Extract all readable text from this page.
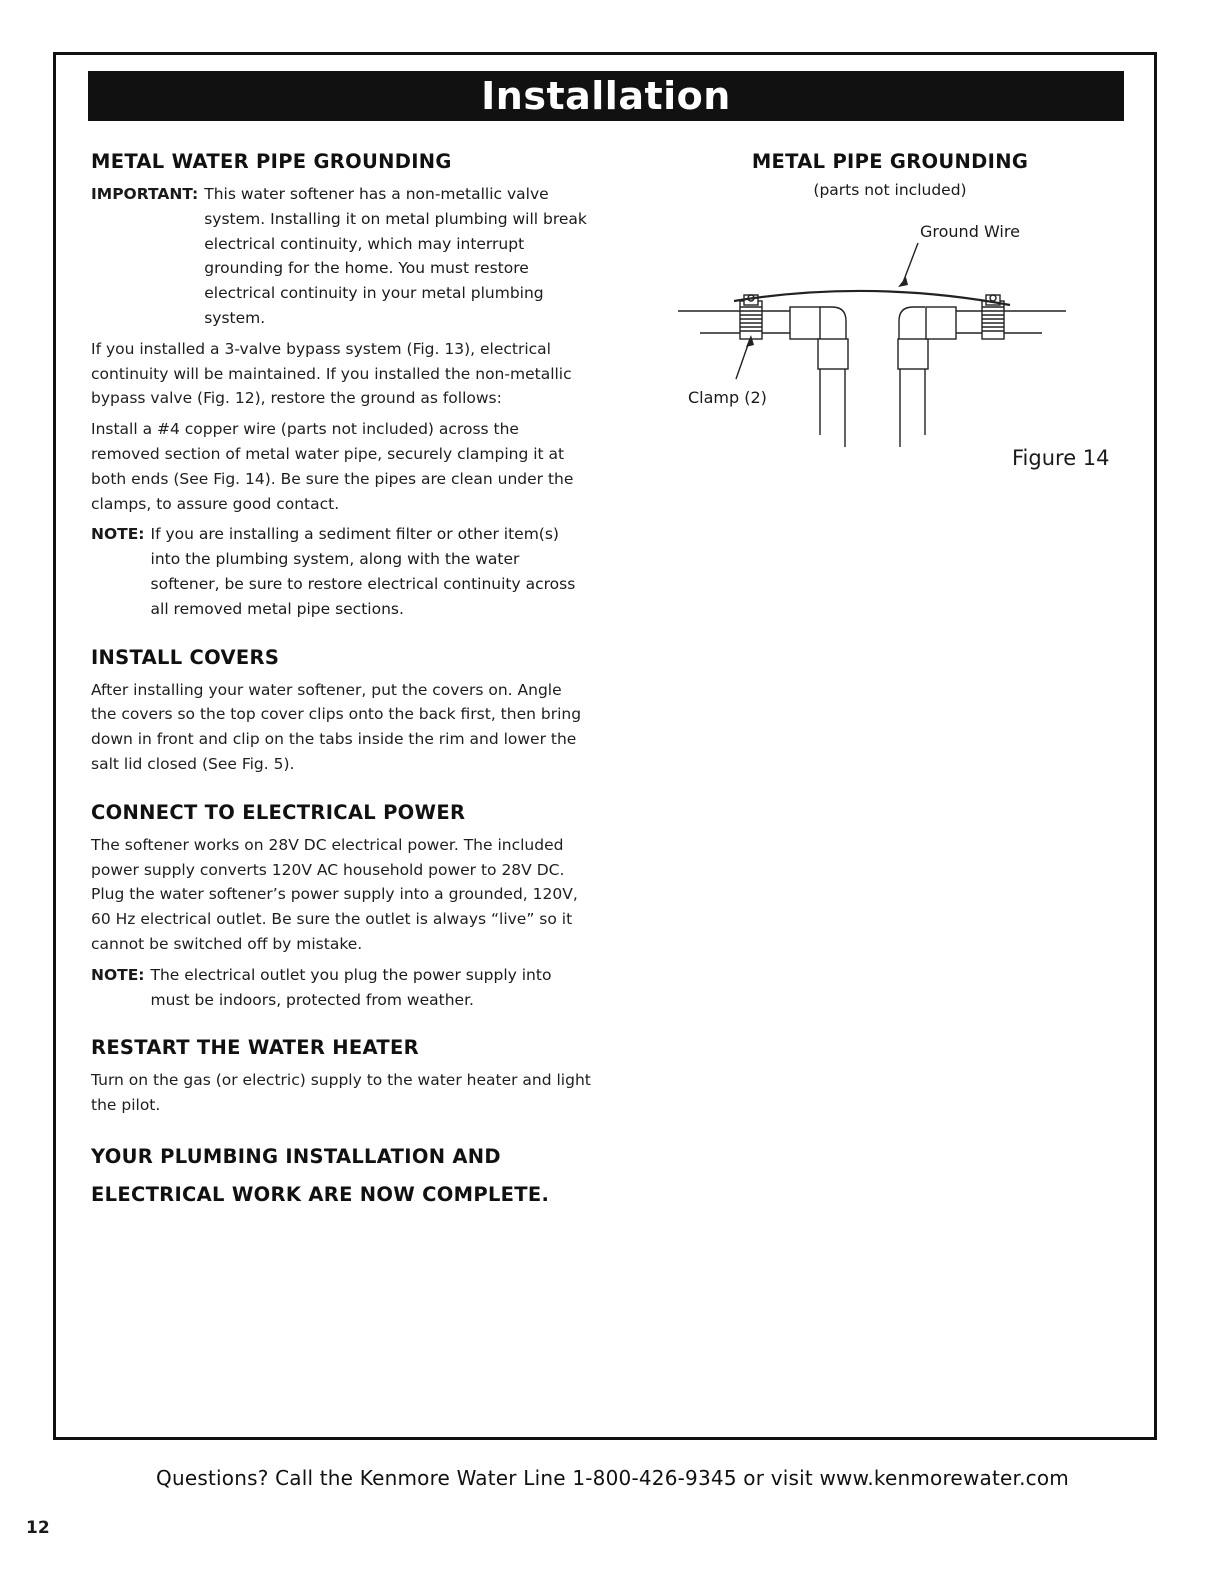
Installation
METAL WATER PIPE GROUNDING
IMPORTANT: This water softener has a non-metallic valve system. Installing it on metal plumbing will break electrical continuity, which may interrupt grounding for the home. You must restore electrical continuity in your metal plumbing system.

If you installed a 3-valve bypass system (Fig. 13), electrical continuity will be maintained. If you installed the non-metallic bypass valve (Fig. 12), restore the ground as follows:

Install a #4 copper wire (parts not included) across the removed section of metal water pipe, securely clamping it at both ends (See Fig. 14). Be sure the pipes are clean under the clamps, to assure good contact.

NOTE: If you are installing a sediment filter or other item(s) into the plumbing system, along with the water softener, be sure to restore electrical continuity across all removed metal pipe sections.
INSTALL COVERS

After installing your water softener, put the covers on. Angle the covers so the top cover clips onto the back first, then bring down in front and clip on the tabs inside the rim and lower the salt lid closed (See Fig. 5).

CONNECT TO ELECTRICAL POWER

The softener works on 28V DC electrical power. The included power supply converts 120V AC household power to 28V DC. Plug the water softener’s power supply into a grounded, 120V, 60 Hz electrical outlet. Be sure the outlet is always “live” so it cannot be switched off by mistake.

NOTE: The electrical outlet you plug the power supply into must be indoors, protected from weather.
RESTART THE WATER HEATER

Turn on the gas (or electric) supply to the water heater and light the pilot.

YOUR PLUMBING INSTALLATION AND
ELECTRICAL WORK ARE NOW COMPLETE.
METAL PIPE GROUNDING
(parts not included)
Ground Wire
Clamp (2)
Figure 14
Questions? Call the Kenmore Water Line 1-800-426-9345 or visit www.kenmorewater.com
12
